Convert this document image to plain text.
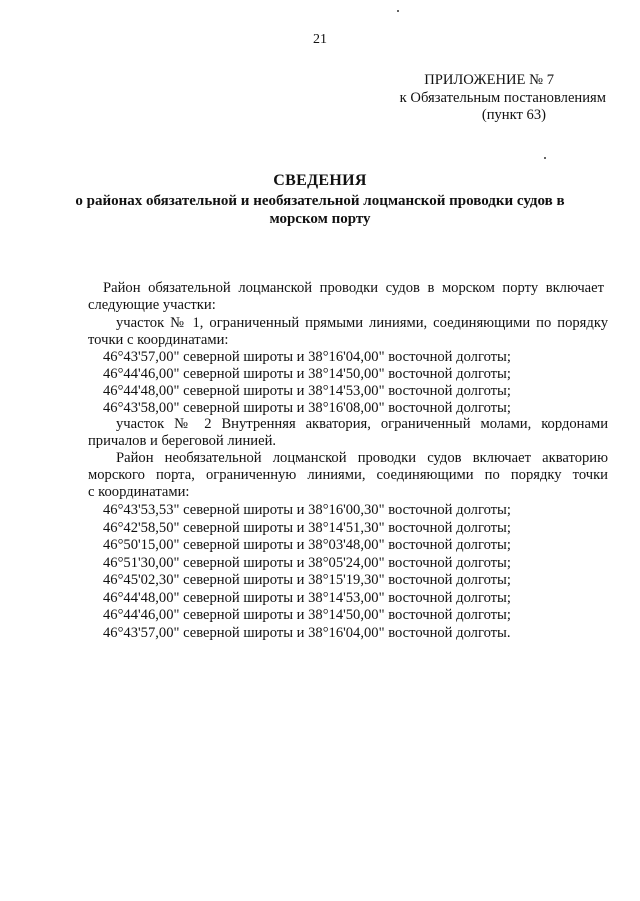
21
ПРИЛОЖЕНИЕ № 7
к Обязательным постановлениям
(пункт 63)
СВЕДЕНИЯ
о районах обязательной и необязательной лоцманской проводки судов в
морском порту
Район обязательной лоцманской проводки судов в морском порту включает
следующие участки:
участок № 1, ограниченный прямыми линиями, соединяющими по порядку
точки с координатами:
46°43'57,00" северной широты и 38°16'04,00" восточной долготы;
46°44'46,00" северной широты и 38°14'50,00" восточной долготы;
46°44'48,00" северной широты и 38°14'53,00" восточной долготы;
46°43'58,00" северной широты и 38°16'08,00" восточной долготы;
участок № 2 Внутренняя акватория, ограниченный молами, кордонами
причалов и береговой линией.
Район необязательной лоцманской проводки судов включает акваторию
морского порта, ограниченную линиями, соединяющими по порядку точки
с координатами:
46°43'53,53" северной широты и 38°16'00,30" восточной долготы;
46°42'58,50" северной широты и 38°14'51,30" восточной долготы;
46°50'15,00" северной широты и 38°03'48,00" восточной долготы;
46°51'30,00" северной широты и 38°05'24,00" восточной долготы;
46°45'02,30" северной широты и 38°15'19,30" восточной долготы;
46°44'48,00" северной широты и 38°14'53,00" восточной долготы;
46°44'46,00" северной широты и 38°14'50,00" восточной долготы;
46°43'57,00" северной широты и 38°16'04,00" восточной долготы.
